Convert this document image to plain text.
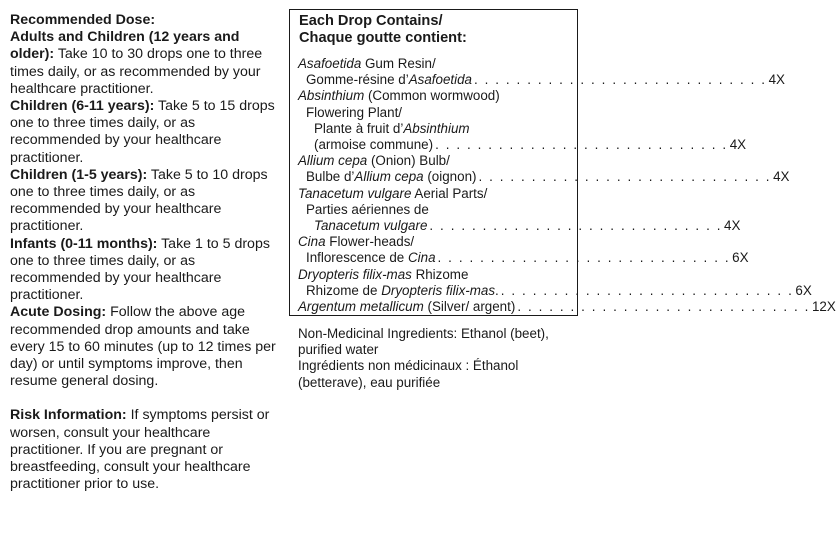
Recommended Dose:

Adults and Children (12 years and older): Take 10 to 30 drops one to three times daily, or as recommended by your healthcare practitioner.

Children (6-11 years): Take 5 to 15 drops one to three times daily, or as recommended by your healthcare practitioner.

Children (1-5 years): Take 5 to 10 drops one to three times daily, or as recommended by your healthcare practitioner.

Infants (0-11 months): Take 1 to 5 drops one to three times daily, or as recommended by your healthcare practitioner.

Acute Dosing: Follow the above age recommended drop amounts and take every 15 to 60 minutes (up to 12 times per day) or until symptoms improve, then resume general dosing.

Risk Information: If symptoms persist or worsen, consult your healthcare practitioner. If you are pregnant or breastfeeding, consult your healthcare practitioner prior to use.

Each Drop Contains/
Chaque goutte contient:
Asafoetida Gum Resin/
Gomme-résine d’Asafoetida . . . . . . . . . . . . . . . . . . . . . . . . . . . . 4X
Absinthium (Common wormwood)
Flowering Plant/
Plante à fruit d’Absinthium
(armoise commune) . . . . . . . . . . . . . . . . . . . . . . . . . . . . 4X
Allium cepa (Onion) Bulb/
Bulbe d’Allium cepa (oignon) . . . . . . . . . . . . . . . . . . . . . . . . . . . . 4X
Tanacetum vulgare Aerial Parts/
Parties aériennes de
Tanacetum vulgare . . . . . . . . . . . . . . . . . . . . . . . . . . . . 4X
Cina Flower-heads/
Inflorescence de Cina . . . . . . . . . . . . . . . . . . . . . . . . . . . . 6X
Dryopteris filix-mas Rhizome
Rhizome de Dryopteris filix-mas. . . . . . . . . . . . . . . . . . . . . . . . . . . . . 6X
Argentum metallicum (Silver/ argent) . . . . . . . . . . . . . . . . . . . . . . . . . . . . 12X

Non-Medicinal Ingredients: Ethanol (beet), purified water

Ingrédients non médicinaux : Éthanol (betterave), eau purifiée
